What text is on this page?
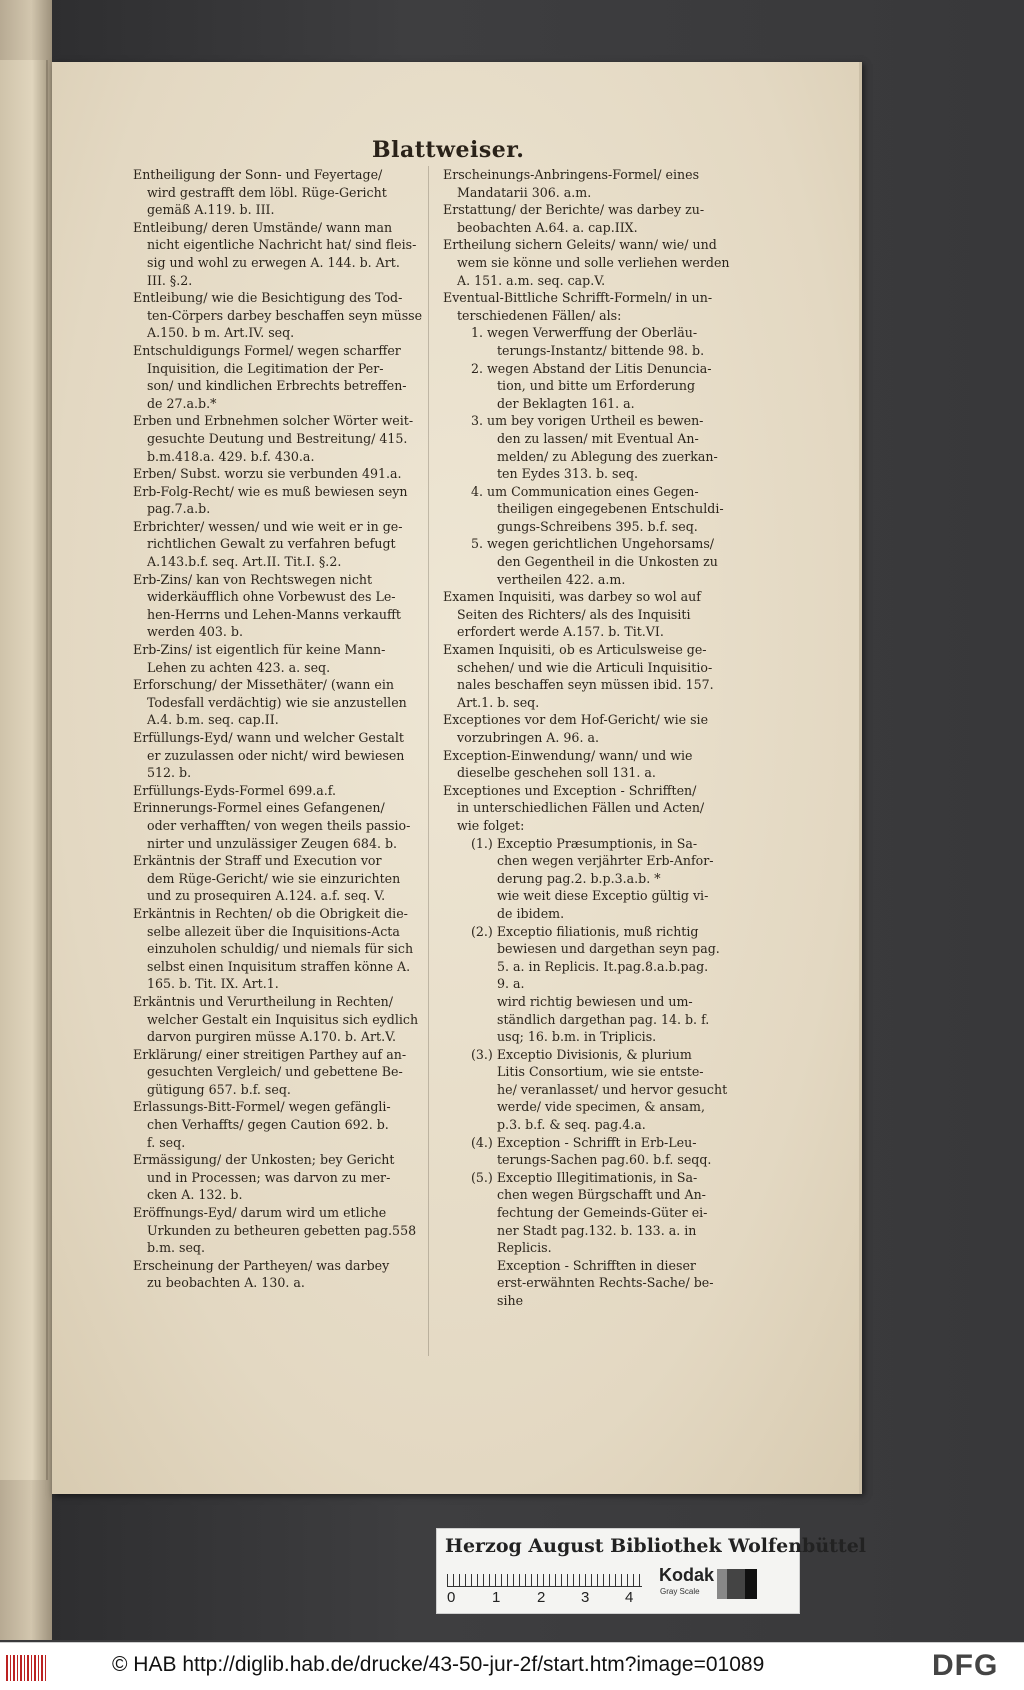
Blattweiser.
Entheiligung der Sonn- und Feyertage/
wird gestrafft dem löbl. Rüge-Gericht
gemäß A.119. b. III.
Entleibung/ deren Umstände/ wann man
nicht eigentliche Nachricht hat/ sind fleis-
sig und wohl zu erwegen A. 144. b. Art.
III. §.2.
Entleibung/ wie die Besichtigung des Tod-
ten-Cörpers darbey beschaffen seyn müsse
A.150. b m. Art.IV. seq.
Entschuldigungs Formel/ wegen scharffer
Inquisition, die Legitimation der Per-
son/ und kindlichen Erbrechts betreffen-
de 27.a.b.*
Erben und Erbnehmen solcher Wörter weit-
gesuchte Deutung und Bestreitung/ 415.
b.m.418.a. 429. b.f. 430.a.
Erben/ Subst. worzu sie verbunden 491.a.
Erb-Folg-Recht/ wie es muß bewiesen seyn
pag.7.a.b.
Erbrichter/ wessen/ und wie weit er in ge-
richtlichen Gewalt zu verfahren befugt
A.143.b.f. seq. Art.II. Tit.I. §.2.
Erb-Zins/ kan von Rechtswegen nicht
widerkäufflich ohne Vorbewust des Le-
hen-Herrns und Lehen-Manns verkaufft
werden 403. b.
Erb-Zins/ ist eigentlich für keine Mann-
Lehen zu achten 423. a. seq.
Erforschung/ der Missethäter/ (wann ein
Todesfall verdächtig) wie sie anzustellen
A.4. b.m. seq. cap.II.
Erfüllungs-Eyd/ wann und welcher Gestalt
er zuzulassen oder nicht/ wird bewiesen
512. b.
Erfüllungs-Eyds-Formel 699.a.f.
Erinnerungs-Formel eines Gefangenen/
oder verhafften/ von wegen theils passio-
nirter und unzulässiger Zeugen 684. b.
Erkäntnis der Straff und Execution vor
dem Rüge-Gericht/ wie sie einzurichten
und zu prosequiren A.124. a.f. seq. V.
Erkäntnis in Rechten/ ob die Obrigkeit die-
selbe allezeit über die Inquisitions-Acta
einzuholen schuldig/ und niemals für sich
selbst einen Inquisitum straffen könne A.
165. b. Tit. IX. Art.1.
Erkäntnis und Verurtheilung in Rechten/
welcher Gestalt ein Inquisitus sich eydlich
darvon purgiren müsse A.170. b. Art.V.
Erklärung/ einer streitigen Parthey auf an-
gesuchten Vergleich/ und gebettene Be-
gütigung 657. b.f. seq.
Erlassungs-Bitt-Formel/ wegen gefängli-
chen Verhaffts/ gegen Caution 692. b.
f. seq.
Ermässigung/ der Unkosten; bey Gericht
und in Processen; was darvon zu mer-
cken A. 132. b.
Eröffnungs-Eyd/ darum wird um etliche
Urkunden zu betheuren gebetten pag.558
b.m. seq.
Erscheinung der Partheyen/ was darbey
zu beobachten A. 130. a.
Erscheinungs-Anbringens-Formel/ eines
Mandatarii 306. a.m.
Erstattung/ der Berichte/ was darbey zu-
beobachten A.64. a. cap.IIX.
Ertheilung sichern Geleits/ wann/ wie/ und
wem sie könne und solle verliehen werden
A. 151. a.m. seq. cap.V.
Eventual-Bittliche Schrifft-Formeln/ in un-
terschiedenen Fällen/ als:
1. wegen Verwerffung der Oberläu-
terungs-Instantz/ bittende 98. b.
2. wegen Abstand der Litis Denuncia-
tion, und bitte um Erforderung
der Beklagten 161. a.
3. um bey vorigen Urtheil es bewen-
den zu lassen/ mit Eventual An-
melden/ zu Ablegung des zuerkan-
ten Eydes 313. b. seq.
4. um Communication eines Gegen-
theiligen eingegebenen Entschuldi-
gungs-Schreibens 395. b.f. seq.
5. wegen gerichtlichen Ungehorsams/
den Gegentheil in die Unkosten zu
vertheilen 422. a.m.
Examen Inquisiti, was darbey so wol auf
Seiten des Richters/ als des Inquisiti
erfordert werde A.157. b. Tit.VI.
Examen Inquisiti, ob es Articulsweise ge-
schehen/ und wie die Articuli Inquisitio-
nales beschaffen seyn müssen ibid. 157.
Art.1. b. seq.
Exceptiones vor dem Hof-Gericht/ wie sie
vorzubringen A. 96. a.
Exception-Einwendung/ wann/ und wie
dieselbe geschehen soll 131. a.
Exceptiones und Exception - Schrifften/
in unterschiedlichen Fällen und Acten/
wie folget:
(1.) Exceptio Præsumptionis, in Sa-
chen wegen verjährter Erb-Anfor-
derung pag.2. b.p.3.a.b. *
wie weit diese Exceptio gültig vi-
de ibidem.
(2.) Exceptio filiationis, muß richtig
bewiesen und dargethan seyn pag.
5. a. in Replicis. It.pag.8.a.b.pag.
9. a.
wird richtig bewiesen und um-
ständlich dargethan pag. 14. b. f.
usq; 16. b.m. in Triplicis.
(3.) Exceptio Divisionis, & plurium
Litis Consortium, wie sie entste-
he/ veranlasset/ und hervor gesucht
werde/ vide specimen, & ansam,
p.3. b.f. & seq. pag.4.a.
(4.) Exception - Schrifft in Erb-Leu-
terungs-Sachen pag.60. b.f. seqq.
(5.) Exceptio Illegitimationis, in Sa-
chen wegen Bürgschafft und An-
fechtung der Gemeinds-Güter ei-
ner Stadt pag.132. b. 133. a. in
Replicis.
Exception - Schrifften in dieser
erst-erwähnten Rechts-Sache/ be-
sihe
Herzog August Bibliothek Wolfenbüttel
0 1 2 3 4
Kodak
Gray Scale
© HAB http://diglib.hab.de/drucke/43-50-jur-2f/start.htm?image=01089	DFG
